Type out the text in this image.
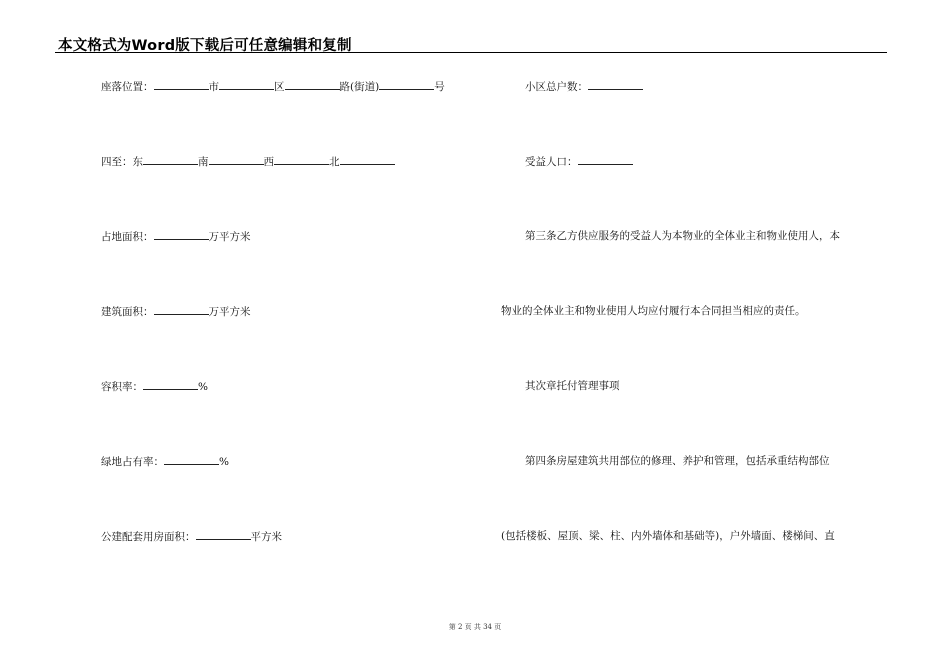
本文格式为Word版下载后可任意编辑和复制
座落位置：	市	区	路(街道)	号
四至：东	南	西	北
占地面积：	万平方米
建筑面积：	万平方米
容积率：	%
绿地占有率：	%
公建配套用房面积：	平方米
小区总户数：
受益人口：
第三条乙方供应服务的受益人为本物业的全体业主和物业使用人，本
物业的全体业主和物业使用人均应付履行本合同担当相应的责任。
其次章托付管理事项
第四条房屋建筑共用部位的修理、养护和管理，包括承重结构部位
(包括楼板、屋顶、梁、柱、内外墙体和基础等)，户外墙面、楼梯间、直
第 2 页 共 34 页
